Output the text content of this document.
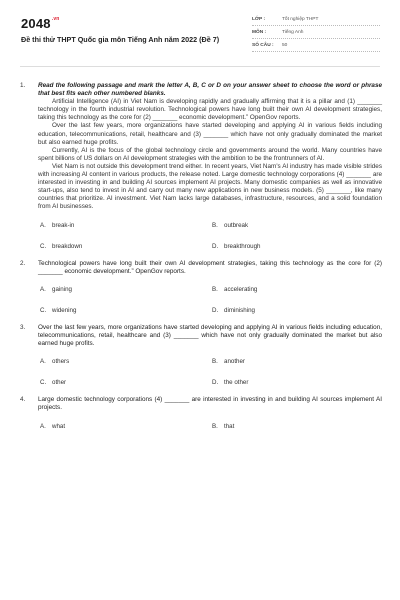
$2048^{.vn}$
Đề thi thử THPT Quốc gia môn Tiếng Anh năm 2022 (Đề 7)
LỚP :	Tốt nghiệp THPT
MÔN :	Tiếng Anh
SỐ CÂU :	50
1.	Read the following passage and mark the letter A, B, C or D on your answer sheet to choose the word or phrase that best fits each other numbered blanks.

Artificial Intelligence (AI) in Viet Nam is developing rapidly and gradually affirming that it is a pillar and (1) _______ technology in the fourth industrial revolution. Technological powers have long built their own AI development strategies, taking this technology as the core for (2) _______ economic development.” OpenGov reports.

Over the last few years, more organizations have started developing and applying AI in various fields including education, telecommunications, retail, healthcare and (3) _______ which have not only gradually dominated the market but also earned huge profits.

Currently, AI is the focus of the global technology circle and governments around the world. Many countries have spent billions of US dollars on AI development strategies with the ambition to be the frontrunners of AI.

Viet Nam is not outside this development trend either. In recent years, Viet Nam's AI industry has made visible strides with increasing AI content in various products, the release noted. Large domestic technology corporations (4) _______ are interested in investing in and building AI sources implement AI projects. Many domestic companies as well as innovative start-ups, also tend to invest in AI and carry out many new applications in new business models. (5) _______, like many countries that prioritize. AI investment. Viet Nam lacks large databases, infrastructure, resources, and a solid foundation from AI businesses.

A. break-in	B. outbreak
C. breakdown	D. breakthrough
2.	Technological powers have long built their own AI development strategies, taking this technology as the core for (2) _______ economic development.” OpenGov reports.
A. gaining	B. accelerating
C. widening	D. diminishing
3.	Over the last few years, more organizations have started developing and applying AI in various fields including education, telecommunications, retail, healthcare and (3) _______ which have not only gradually dominated the market but also earned huge profits.
A. others	B. another
C. other	D. the other
4.	Large domestic technology corporations (4) _______ are interested in investing in and building AI sources implement AI projects.
A. what	B. that
